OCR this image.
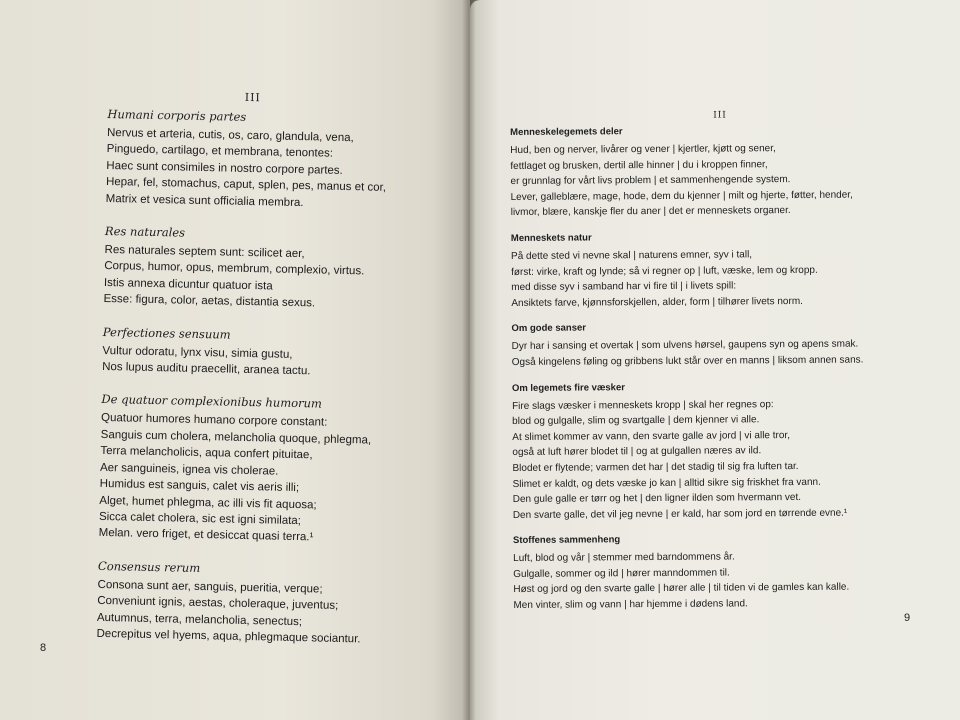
III

Humani corporis partes

Nervus et arteria, cutis, os, caro, glandula, vena,

Pinguedo, cartilago, et membrana, tenontes:

Haec sunt consimiles in nostro corpore partes.

Hepar, fel, stomachus, caput, splen, pes, manus et cor,

Matrix et vesica sunt officialia membra.

Res naturales

Res naturales septem sunt: scilicet aer,

Corpus, humor, opus, membrum, complexio, virtus.

Istis annexa dicuntur quatuor ista

Esse: figura, color, aetas, distantia sexus.

Perfectiones sensuum

Vultur odoratu, lynx visu, simia gustu,

Nos lupus auditu praecellit, aranea tactu.

De quatuor complexionibus humorum

Quatuor humores humano corpore constant:

Sanguis cum cholera, melancholia quoque, phlegma,

Terra melancholicis, aqua confert pituitae,

Aer sanguineis, ignea vis cholerae.

Humidus est sanguis, calet vis aeris illi;

Alget, humet phlegma, ac illi vis fit aquosa;

Sicca calet cholera, sic est igni similata;

Melan. vero friget, et desiccat quasi terra.¹

Consensus rerum

Consona sunt aer, sanguis, pueritia, verque;

Conveniunt ignis, aestas, choleraque, juventus;

Autumnus, terra, melancholia, senectus;

Decrepitus vel hyems, aqua, phlegmaque sociantur.

8

III

Menneskelegemets deler

Hud, ben og nerver, livårer og vener | kjertler, kjøtt og sener,

fettlaget og brusken, dertil alle hinner | du i kroppen finner,

er grunnlag for vårt livs problem | et sammenhengende system.

Lever, galleblære, mage, hode, dem du kjenner | milt og hjerte, føtter, hender,

livmor, blære, kanskje fler du aner | det er menneskets organer.

Menneskets natur

På dette sted vi nevne skal | naturens emner, syv i tall,

først: virke, kraft og lynde; så vi regner op | luft, væske, lem og kropp.

med disse syv i samband har vi fire til | i livets spill:

Ansiktets farve, kjønnsforskjellen, alder, form | tilhører livets norm.

Om gode sanser

Dyr har i sansing et overtak | som ulvens hørsel, gaupens syn og apens smak.

Også kingelens føling og gribbens lukt står over en manns | liksom annen sans.

Om legemets fire væsker

Fire slags væsker i menneskets kropp | skal her regnes op:

blod og gulgalle, slim og svartgalle | dem kjenner vi alle.

At slimet kommer av vann, den svarte galle av jord | vi alle tror,

også at luft hører blodet til | og at gulgallen næres av ild.

Blodet er flytende; varmen det har | det stadig til sig fra luften tar.

Slimet er kaldt, og dets væske jo kan | alltid sikre sig friskhet fra vann.

Den gule galle er tørr og het | den ligner ilden som hvermann vet.

Den svarte galle, det vil jeg nevne | er kald, har som jord en tørrende evne.¹

Stoffenes sammenheng

Luft, blod og vår | stemmer med barndommens år.

Gulgalle, sommer og ild | hører manndommen til.

Høst og jord og den svarte galle | hører alle | til tiden vi de gamles kan kalle.

Men vinter, slim og vann | har hjemme i dødens land.

9
